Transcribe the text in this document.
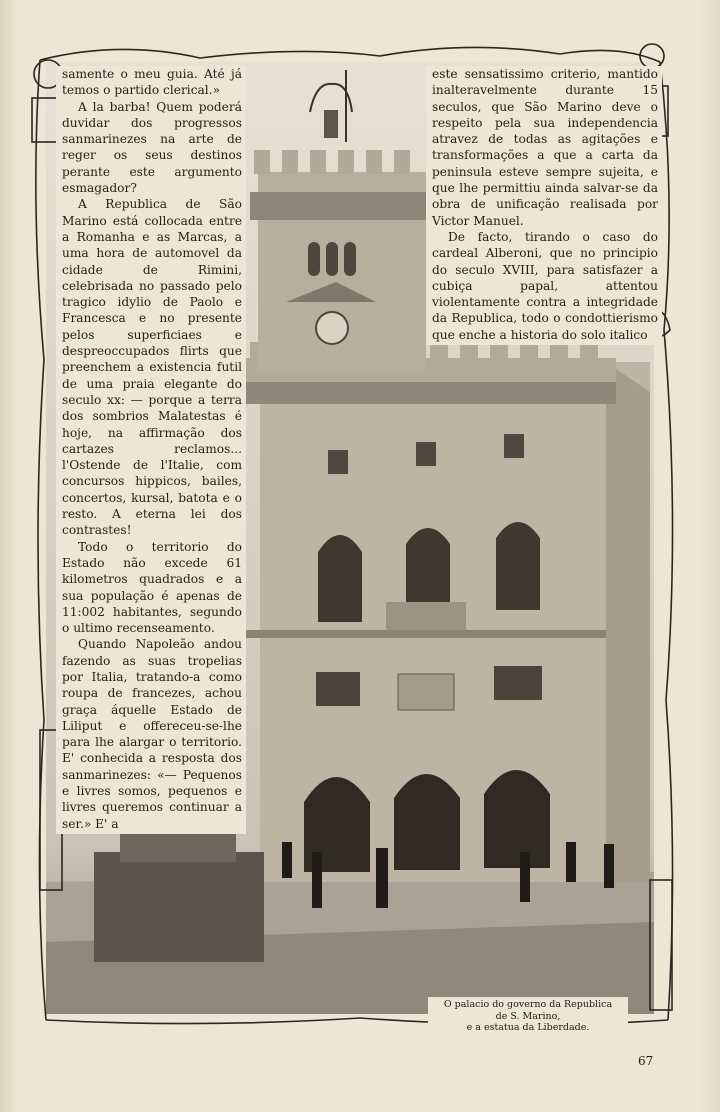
samente o meu guia. Até já temos o partido clerical.»

A la barba! Quem poderá duvidar dos progressos sanmarinezes na arte de reger os seus destinos perante este argumento esmagador?

A Republica de São Marino está collocada entre a Romanha e as Marcas, a uma hora de automovel da cidade de Rimini, celebrisada no passado pelo tragico idylio de Paolo e Francesca e no presente pelos superficiaes e despreoccupados flirts que preenchem a existencia futil de uma praia elegante do seculo xx: — porque a terra dos sombrios Malatestas é hoje, na affirmação dos cartazes reclamos... l'Ostende de l'Italie, com concursos hippicos, bailes, concertos, kursal, batota e o resto. A eterna lei dos contrastes!

Todo o territorio do Estado não excede 61 kilometros quadrados e a sua população é apenas de 11:002 habitantes, segundo o ultimo recenseamento.

Quando Napoleão andou fazendo as suas tropelias por Italia, tratando-a como roupa de francezes, achou graça áquelle Estado de Liliput e offereceu-se-lhe para lhe alargar o territorio. E' conhecida a resposta dos sanmarinezes: «— Pequenos e livres somos, pequenos e livres queremos continuar a ser.» E' a

este sensatissimo criterio, mantido inalteravelmente durante 15 seculos, que São Marino deve o respeito pela sua independencia atravez de todas as agitações e transformações a que a carta da peninsula esteve sempre sujeita, e que lhe permittiu ainda salvar-se da obra de unificação realisada por Victor Manuel.

De facto, tirando o caso do cardeal Alberoni, que no principio do seculo XVIII, para satisfazer a cubiça papal, attentou violentamente contra a integridade da Republica, todo o condottierismo que enche a historia do solo italico

O palacio do governo da Republica
de S. Marino,
e a estatua da Liberdade.
67
